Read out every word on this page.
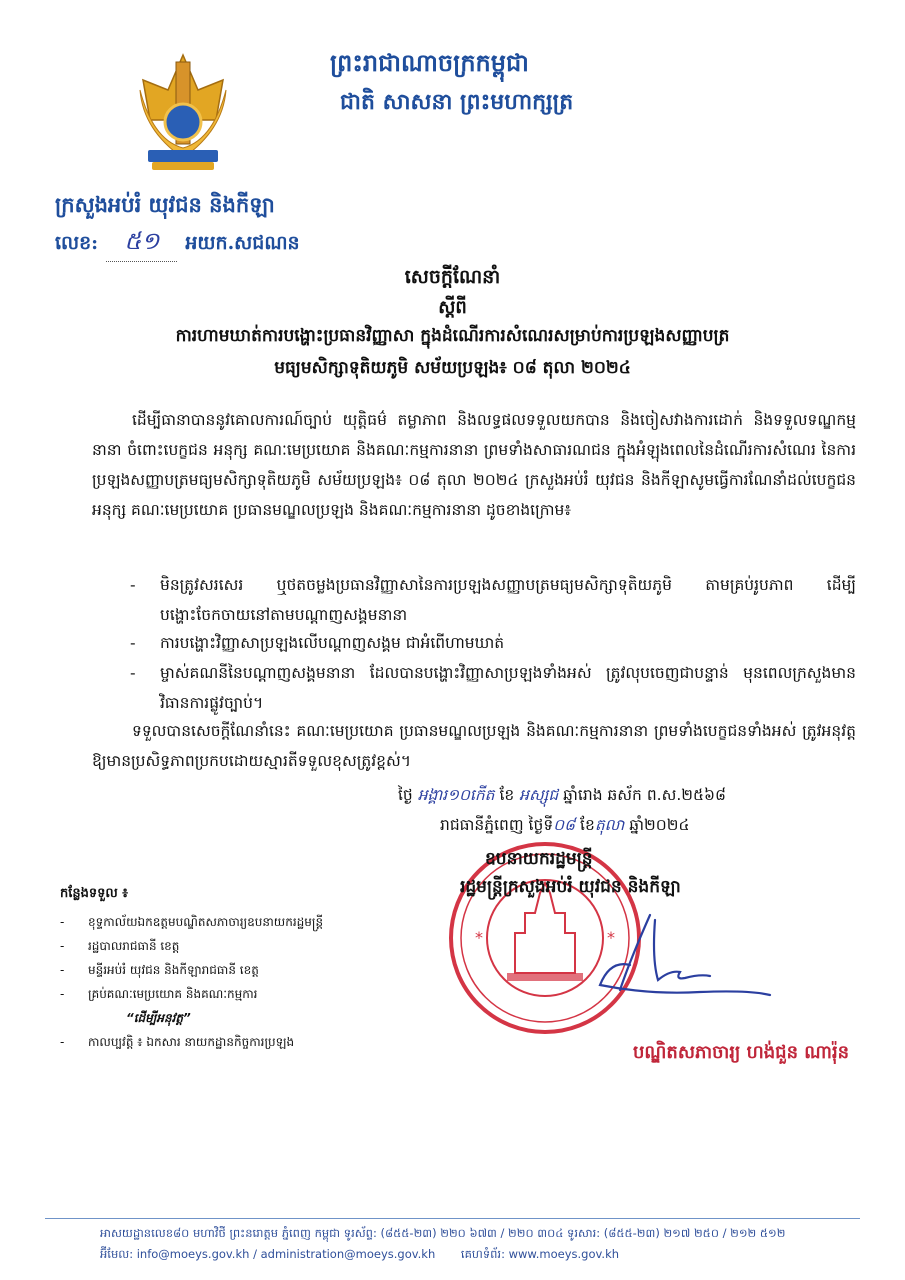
ព្រះរាជាណាចក្រកម្ពុជា
ជាតិ សាសនា ព្រះមហាក្សត្រ
ក្រសួងអប់រំ យុវជន និងកីឡា
លេខ:	៥១	អយក.សជណន
សេចក្ដីណែនាំ
ស្ដីពី
ការហាមឃាត់ការបង្ហោះប្រធានវិញ្ញាសា ក្នុងដំណើរការសំណេរសម្រាប់ការប្រឡងសញ្ញាបត្រ
មធ្យមសិក្សាទុតិយភូមិ សម័យប្រឡង៖ ០៨ តុលា ២០២៤
ដើម្បីធានាបាននូវគោលការណ៍ច្បាប់ យុត្តិធម៌ តម្លាភាព និងលទ្ធផលទទួលយកបាន និងចៀសវាងការដោក់ និងទទួលទណ្ឌកម្មនានា ចំពោះបេក្ខជន អនុក្ស គណៈមេប្រយោគ និងគណៈកម្មការនានា ព្រមទាំងសាធារណជន ក្នុងអំឡុងពេលនៃដំណើរការសំណេរ នៃការប្រឡងសញ្ញាបត្រមធ្យមសិក្សាទុតិយភូមិ សម័យប្រឡង៖ ០៨ តុលា ២០២៤ ក្រសួងអប់រំ យុវជន និងកីឡាសូមធ្វើការណែនាំដល់បេក្ខជន អនុក្ស គណៈមេប្រយោគ ប្រធានមណ្ឌលប្រឡង និងគណៈកម្មការនានា ដូចខាងក្រោម៖
-	មិនត្រូវសរសេរ ឬថតចម្លងប្រធានវិញ្ញាសានៃការប្រឡងសញ្ញាបត្រមធ្យមសិក្សាទុតិយភូមិ តាមគ្រប់រូបភាព ដើម្បីបង្ហោះចែកចាយនៅតាមបណ្ដាញសង្គមនានា
-	ការបង្ហោះវិញ្ញាសាប្រឡងលើបណ្ដាញសង្គម ជាអំពើហាមឃាត់
-	ម្ចាស់គណនីនៃបណ្ដាញសង្គមនានា ដែលបានបង្ហោះវិញ្ញាសាប្រឡងទាំងអស់ ត្រូវលុបចេញជាបន្ទាន់ មុនពេលក្រសួងមានវិធានការផ្លូវច្បាប់។
ទទួលបានសេចក្ដីណែនាំនេះ គណៈមេប្រយោគ ប្រធានមណ្ឌលប្រឡង និងគណៈកម្មការនានា ព្រមទាំងបេក្ខជនទាំងអស់ ត្រូវអនុវត្តឱ្យមានប្រសិទ្ធភាពប្រកបដោយស្មារតីទទួលខុសត្រូវខ្ពស់។
ថ្ងៃ អង្គារ១០កើត ខែ អស្សុជ ឆ្នាំរោង ឆស័ក ព.ស.២៥៦៨
រាជធានីភ្នំពេញ ថ្ងៃទី០៨ ខែតុលា ឆ្នាំ២០២៤
*	*
ឧបនាយករដ្ឋមន្ត្រី
រដ្ឋមន្ត្រីក្រសួងអប់រំ យុវជន និងកីឡា
បណ្ឌិតសភាចារ្យ ហង់ជួន ណារ៉ុន
កន្លែងទទួល ៖
- ខុទ្ទកាល័យឯកឧត្តមបណ្ឌិតសភាចារ្យឧបនាយករដ្ឋមន្ត្រី
- រដ្ឋបាលរាជធានី ខេត្ត
- មន្ទីរអប់រំ យុវជន និងកីឡារាជធានី ខេត្ត
- គ្រប់គណៈមេប្រយោគ និងគណៈកម្មការ
“ដើម្បីអនុវត្ត”
- កាលប្បវត្តិ ៖ ឯកសារ នាយកដ្ឋានកិច្ចការប្រឡង
អាសយដ្ឋានលេខ៨០ មហាវិថី ព្រះនរោត្តម ភ្នំពេញ កម្ពុជា ទូរស័ព្ទ: (៨៥៥-២៣) ២២០ ៦៧៣ / ២២០ ៣០៤ ទូរសារ: (៨៥៥-២៣) ២១៧ ២៥០ / ២១២ ៥១២
អ៊ីមែល: info@moeys.gov.kh / administration@moeys.gov.kh គេហទំព័រ: www.moeys.gov.kh
